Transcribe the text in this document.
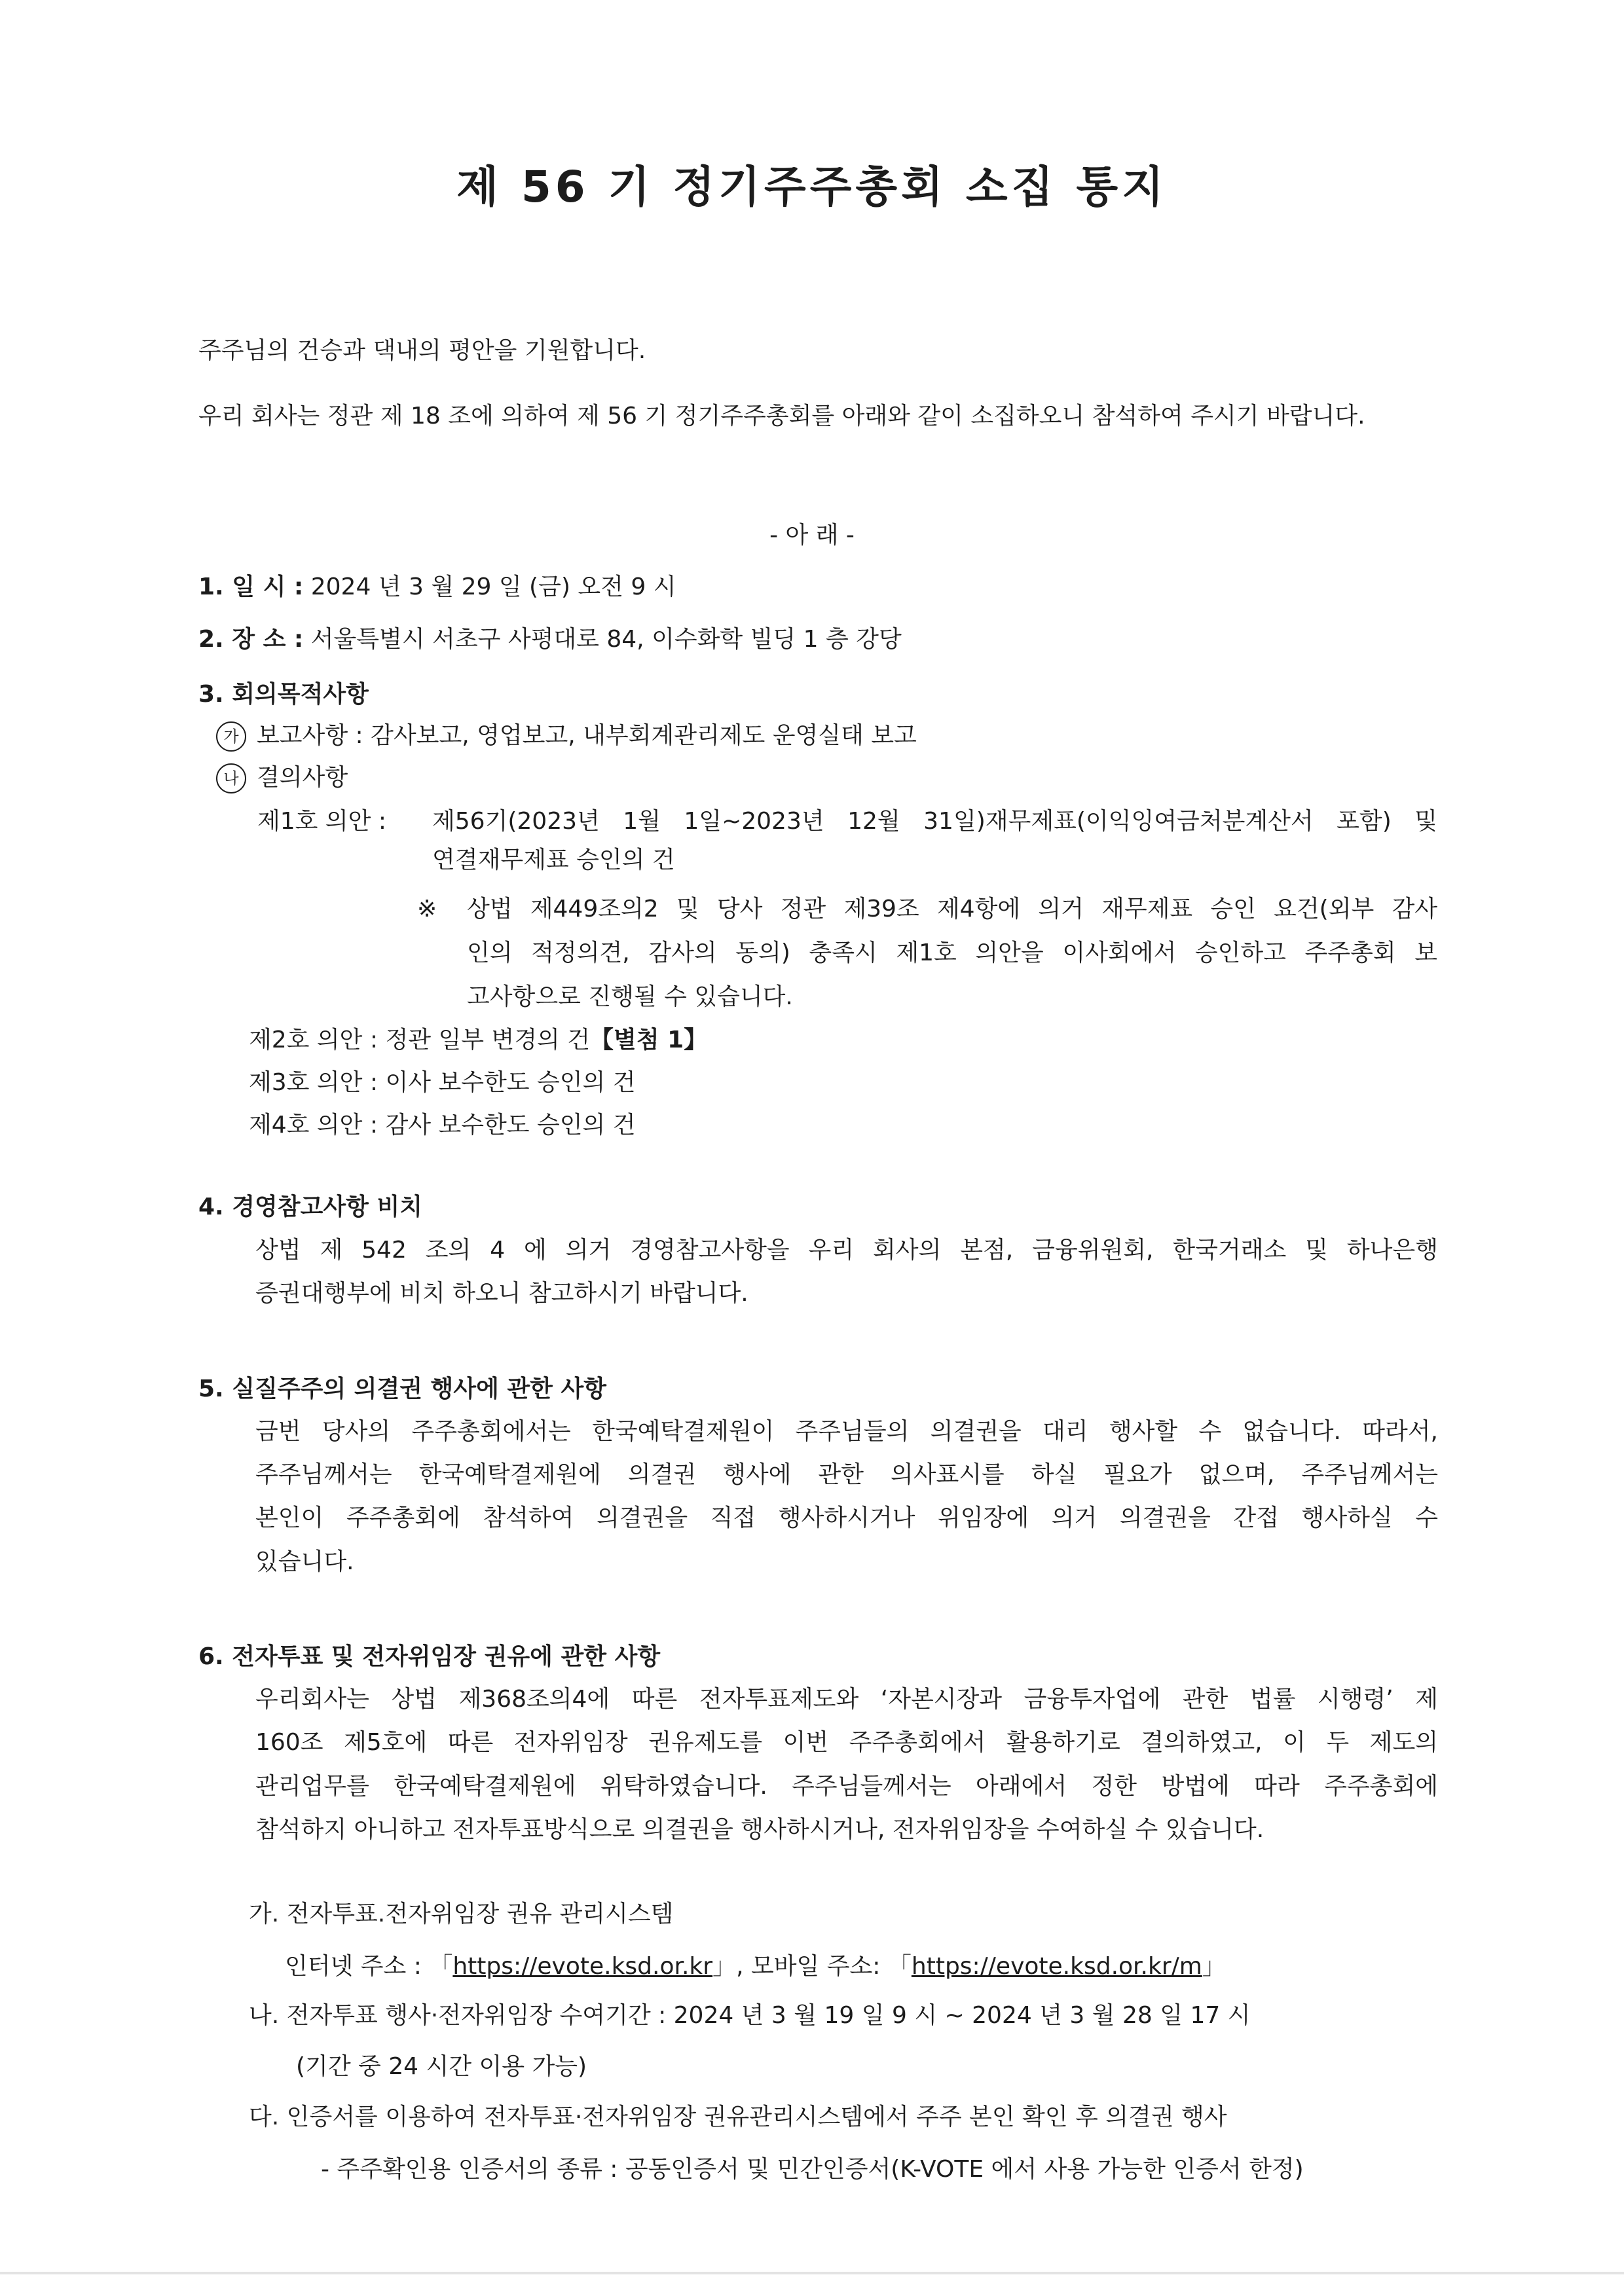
제 56 기 정기주주총회 소집 통지
주주님의 건승과 댁내의 평안을 기원합니다.
우리 회사는 정관 제 18 조에 의하여 제 56 기 정기주주총회를 아래와 같이 소집하오니 참석하여 주시기 바랍니다.
- 아 래 -
1. 일 시 : 2024 년 3 월 29 일 (금) 오전 9 시
2. 장 소 : 서울특별시 서초구 사평대로 84, 이수화학 빌딩 1 층 강당
3. 회의목적사항
가 보고사항 : 감사보고, 영업보고, 내부회계관리제도 운영실태 보고
나 결의사항
제1호 의안 : 제56기(2023년 1월 1일~2023년 12월 31일)재무제표(이익잉여금처분계산서 포함) 및
연결재무제표 승인의 건
※ 상법 제449조의2 및 당사 정관 제39조 제4항에 의거 재무제표 승인 요건(외부 감사
인의 적정의견, 감사의 동의) 충족시 제1호 의안을 이사회에서 승인하고 주주총회 보
고사항으로 진행될 수 있습니다.
제2호 의안 : 정관 일부 변경의 건【별첨 1】
제3호 의안 : 이사 보수한도 승인의 건
제4호 의안 : 감사 보수한도 승인의 건
4. 경영참고사항 비치
상법 제 542 조의 4 에 의거 경영참고사항을 우리 회사의 본점, 금융위원회, 한국거래소 및 하나은행
증권대행부에 비치 하오니 참고하시기 바랍니다.
5. 실질주주의 의결권 행사에 관한 사항
금번 당사의 주주총회에서는 한국예탁결제원이 주주님들의 의결권을 대리 행사할 수 없습니다. 따라서,
주주님께서는 한국예탁결제원에 의결권 행사에 관한 의사표시를 하실 필요가 없으며, 주주님께서는
본인이 주주총회에 참석하여 의결권을 직접 행사하시거나 위임장에 의거 의결권을 간접 행사하실 수
있습니다.
6. 전자투표 및 전자위임장 권유에 관한 사항
우리회사는 상법 제368조의4에 따른 전자투표제도와 ‘자본시장과 금융투자업에 관한 법률 시행령’ 제
160조 제5호에 따른 전자위임장 권유제도를 이번 주주총회에서 활용하기로 결의하였고, 이 두 제도의
관리업무를 한국예탁결제원에 위탁하였습니다. 주주님들께서는 아래에서 정한 방법에 따라 주주총회에
참석하지 아니하고 전자투표방식으로 의결권을 행사하시거나, 전자위임장을 수여하실 수 있습니다.
가. 전자투표.전자위임장 권유 관리시스템
인터넷 주소 : 「https://evote.ksd.or.kr」, 모바일 주소: 「https://evote.ksd.or.kr/m」
나. 전자투표 행사·전자위임장 수여기간 : 2024 년 3 월 19 일 9 시 ~ 2024 년 3 월 28 일 17 시
(기간 중 24 시간 이용 가능)
다. 인증서를 이용하여 전자투표·전자위임장 권유관리시스템에서 주주 본인 확인 후 의결권 행사
- 주주확인용 인증서의 종류 : 공동인증서 및 민간인증서(K-VOTE 에서 사용 가능한 인증서 한정)
